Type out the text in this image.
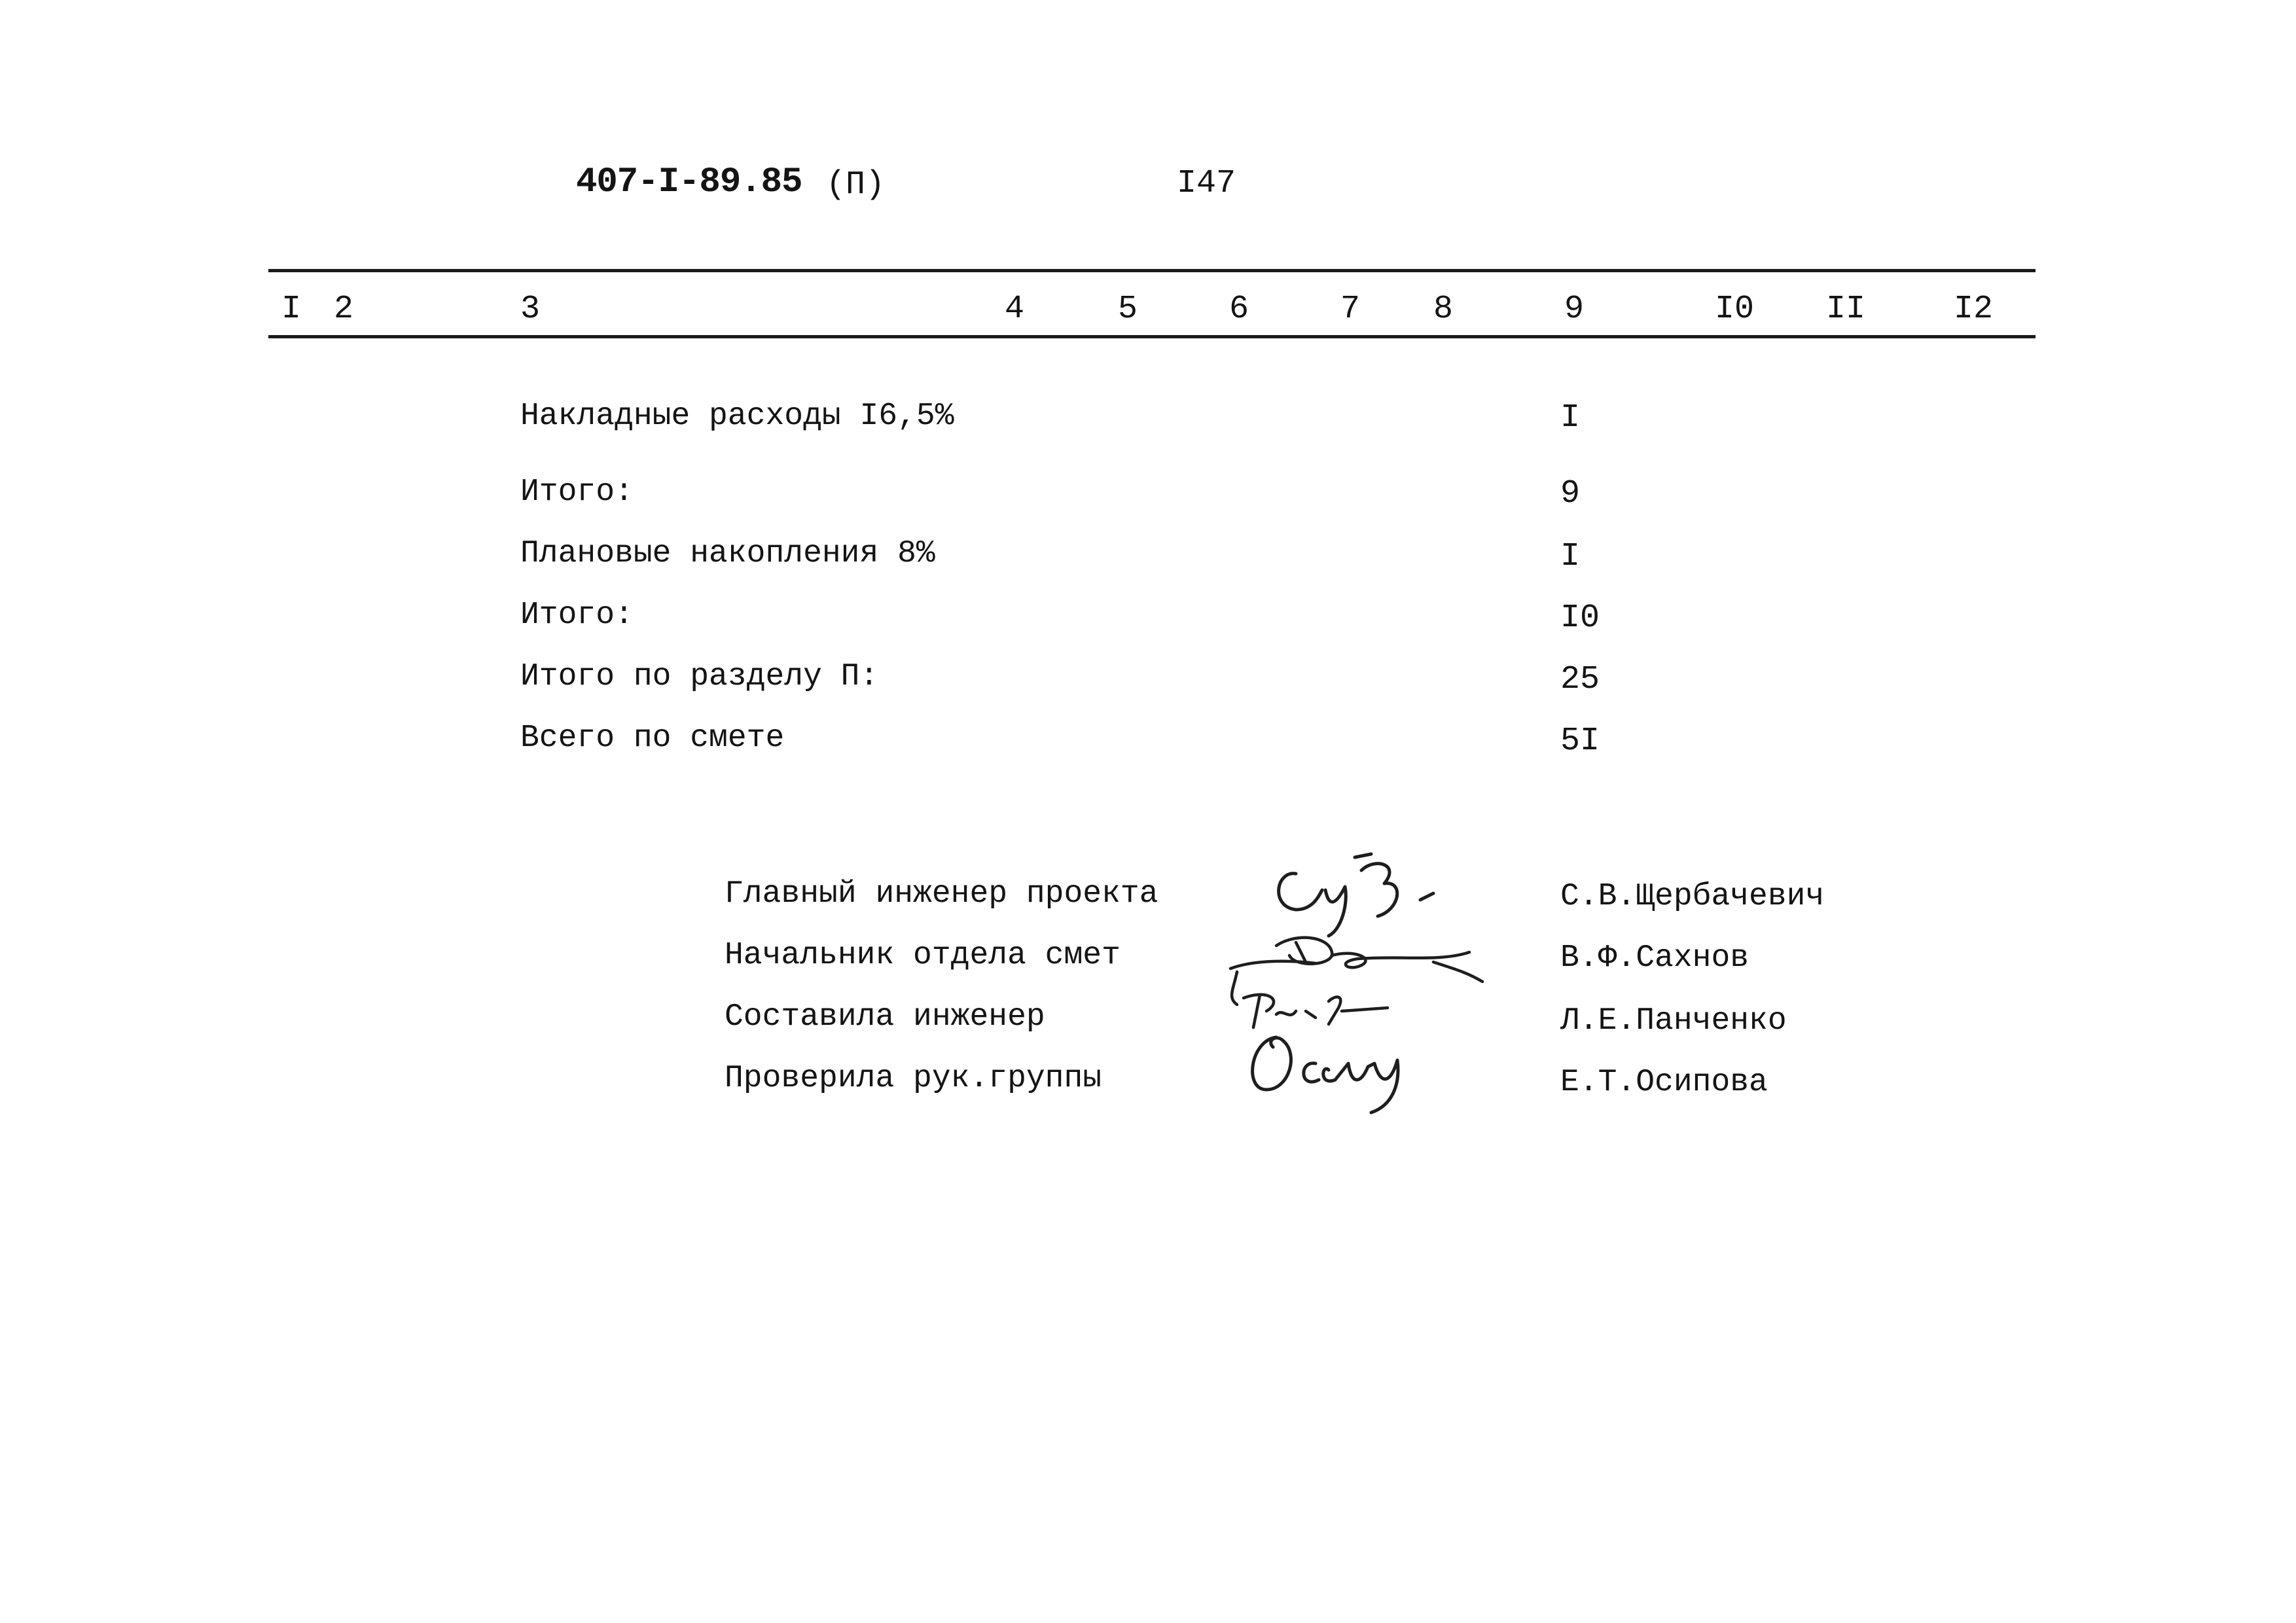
407-I-89.85 (П)	I47
I 2	3	4	5	6	7 8	9	I0 II	I2
Накладные расходы I6,5%	I
Итого:	9
Плановые накопления 8%	I
Итого:	I0
Итого по разделу П:	25
Всего по смете	5I
Главный инженер проекта	С.В.Щербачевич
Начальник отдела смет	В.Ф.Сахнов
Составила инженер	Л.Е.Панченко
Проверила рук.группы	Е.Т.Осипова
